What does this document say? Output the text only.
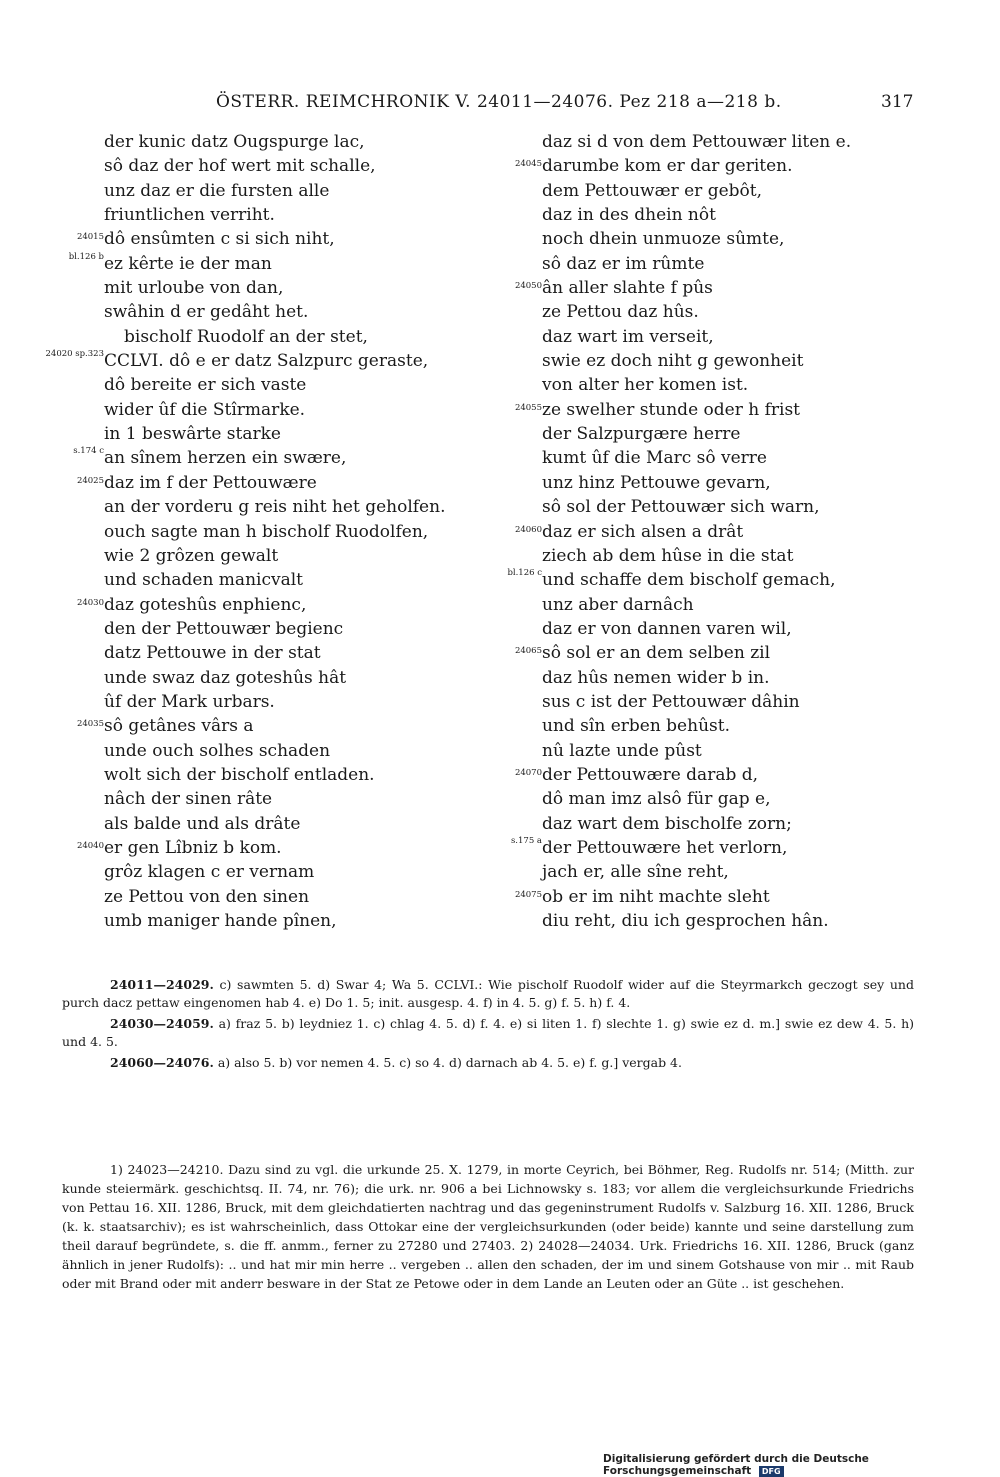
ÖSTERR. REIMCHRONIK V. 24011—24076. Pez 218 a—218 b.	317
der kunic datz Ougspurge lac,
sô daz der hof wert mit schalle,
unz daz er die fursten alle
friuntlichen verriht.
24015 dô ensûmten c si sich niht,
bl.126 b ez kêrte ie der man
mit urloube von dan,
swâhin d er gedâht het.
bischolf Ruodolf an der stet,
24020 sp.323 CCLVI. dô e er datz Salzpurc geraste,
dô bereite er sich vaste
wider ûf die Stîrmarke.
in 1 beswârte starke
s.174 c an sînem herzen ein swære,
24025 daz im f der Pettouwære
an der vorderu g reis niht het geholfen.
ouch sagte man h bischolf Ruodolfen,
wie 2 grôzen gewalt
und schaden manicvalt
24030 daz goteshûs enphienc,
den der Pettouwær begienc
datz Pettouwe in der stat
unde swaz daz goteshûs hât
ûf der Mark urbars.
24035 sô getânes vârs a
unde ouch solhes schaden
wolt sich der bischolf entladen.
nâch der sinen râte
als balde und als drâte
24040 er gen Lîbniz b kom.
grôz klagen c er vernam
ze Pettou von den sinen
umb maniger hande pînen,
daz si d von dem Pettouwær liten e.
24045 darumbe kom er dar geriten.
dem Pettouwær er gebôt,
daz in des dhein nôt
noch dhein unmuoze sûmte,
sô daz er im rûmte
24050 ân aller slahte f pûs
ze Pettou daz hûs.
daz wart im verseit,
swie ez doch niht g gewonheit
von alter her komen ist.
24055 ze swelher stunde oder h frist
der Salzpurgære herre
kumt ûf die Marc sô verre
unz hinz Pettouwe gevarn,
sô sol der Pettouwær sich warn,
24060 daz er sich alsen a drât
ziech ab dem hûse in die stat
bl.126 c und schaffe dem bischolf gemach,
unz aber darnâch
daz er von dannen varen wil,
24065 sô sol er an dem selben zil
daz hûs nemen wider b in.
sus c ist der Pettouwær dâhin
und sîn erben behûst.
nû lazte unde pûst
24070 der Pettouwære darab d,
dô man imz alsô für gap e,
daz wart dem bischolfe zorn;
s.175 a der Pettouwære het verlorn,
jach er, alle sîne reht,
24075 ob er im niht machte sleht
diu reht, diu ich gesprochen hân.

24011—24029. c) sawmten 5. d) Swar 4; Wa 5. CCLVI.: Wie pischolf Ruodolf wider auf die Steyrmarkch geczogt sey und purch dacz pettaw eingenomen hab 4. e) Do 1. 5; init. ausgesp. 4. f) in 4. 5. g) f. 5. h) f. 4.

24030—24059. a) fraz 5. b) leydniez 1. c) chlag 4. 5. d) f. 4. e) si liten 1. f) slechte 1. g) swie ez d. m.] swie ez dew 4. 5. h) und 4. 5.

24060—24076. a) also 5. b) vor nemen 4. 5. c) so 4. d) darnach ab 4. 5. e) f. g.] vergab 4.

1) 24023—24210. Dazu sind zu vgl. die urkunde 25. X. 1279, in morte Ceyrich, bei Böhmer, Reg. Rudolfs nr. 514; (Mitth. zur kunde steiermärk. geschichtsq. II. 74, nr. 76); die urk. nr. 906 a bei Lichnowsky s. 183; vor allem die vergleichsurkunde Friedrichs von Pettau 16. XII. 1286, Bruck, mit dem gleichdatierten nachtrag und das gegeninstrument Rudolfs v. Salzburg 16. XII. 1286, Bruck (k. k. staatsarchiv); es ist wahrscheinlich, dass Ottokar eine der vergleichsurkunden (oder beide) kannte und seine darstellung zum theil darauf begründete, s. die ff. anmm., ferner zu 27280 und 27403. 2) 24028—24034. Urk. Friedrichs 16. XII. 1286, Bruck (ganz ähnlich in jener Rudolfs): .. und hat mir min herre .. vergeben .. allen den schaden, der im und sinem Gotshause von mir .. mit Raub oder mit Brand oder mit anderr besware in der Stat ze Petowe oder in dem Lande an Leuten oder an Güte .. ist geschehen.

Digitalisierung gefördert durch die Deutsche Forschungsgemeinschaft DFG
